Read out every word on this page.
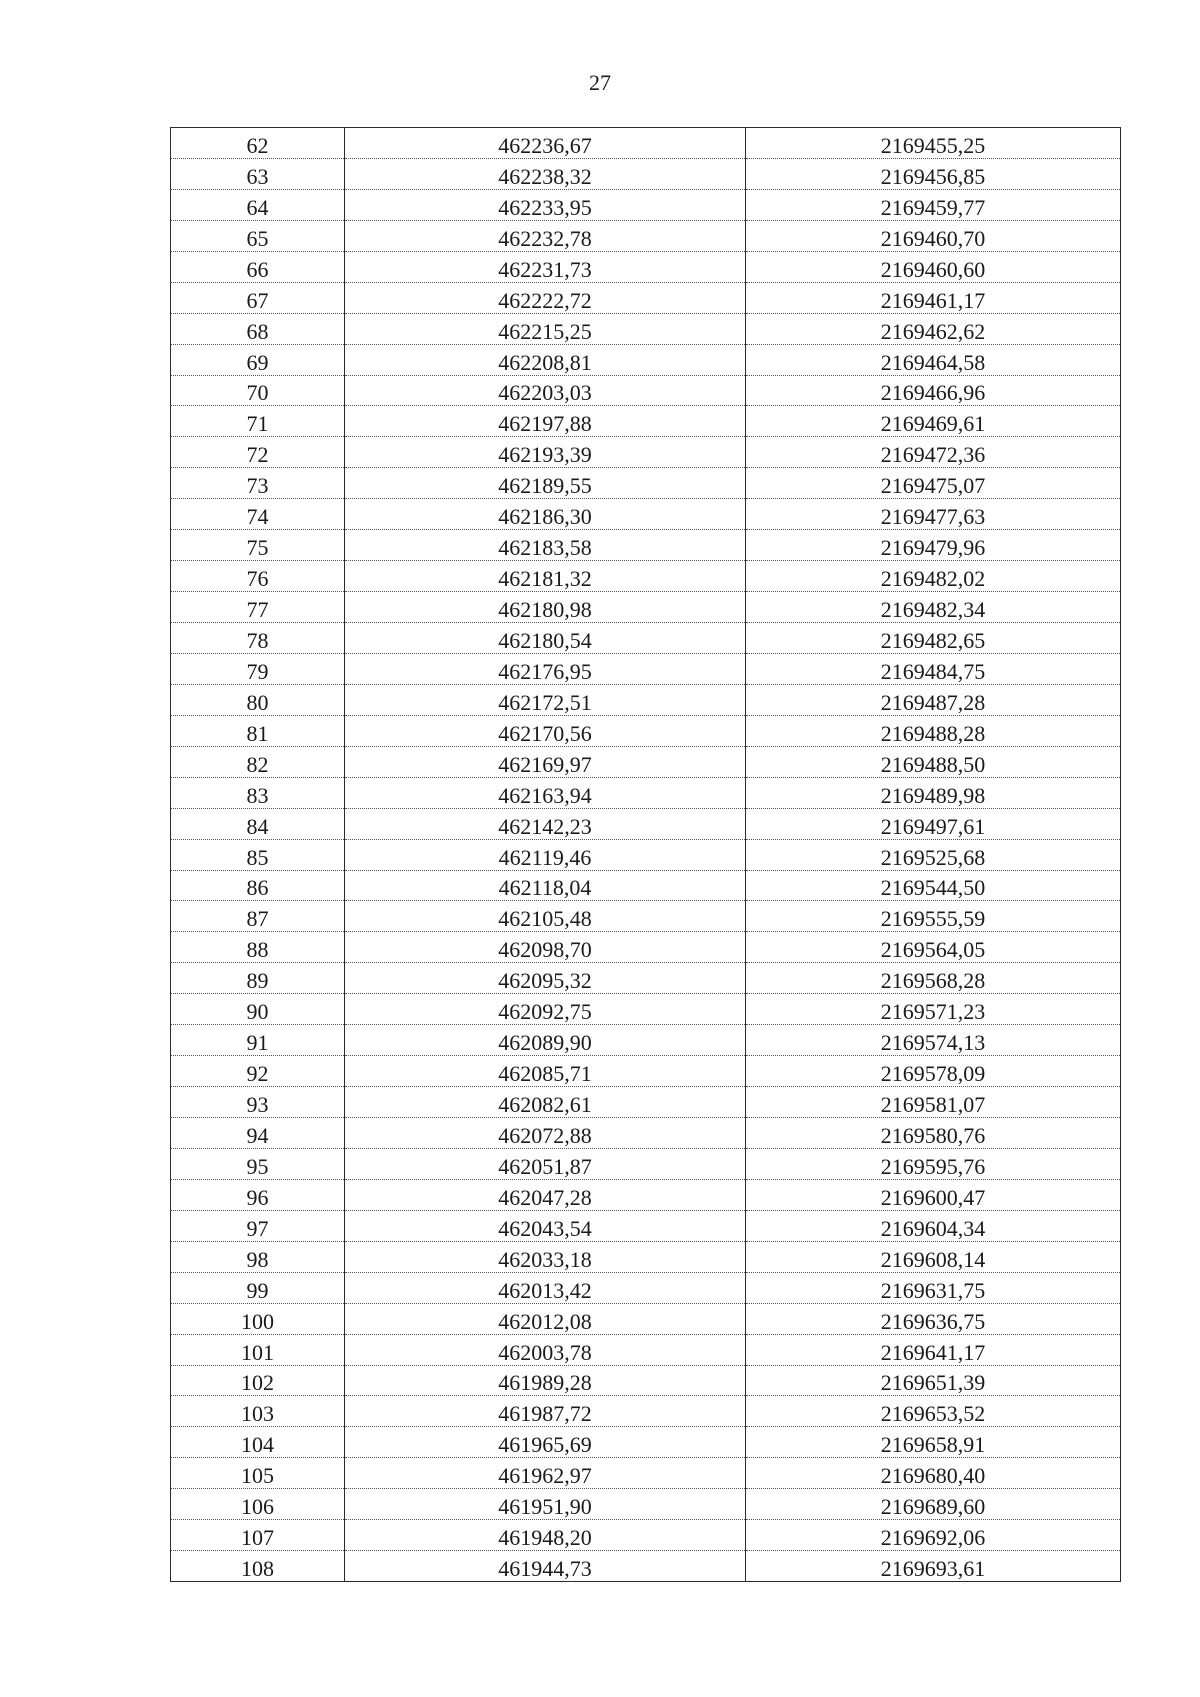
27
62	462236,67	2169455,25
63	462238,32	2169456,85
64	462233,95	2169459,77
65	462232,78	2169460,70
66	462231,73	2169460,60
67	462222,72	2169461,17
68	462215,25	2169462,62
69	462208,81	2169464,58
70	462203,03	2169466,96
71	462197,88	2169469,61
72	462193,39	2169472,36
73	462189,55	2169475,07
74	462186,30	2169477,63
75	462183,58	2169479,96
76	462181,32	2169482,02
77	462180,98	2169482,34
78	462180,54	2169482,65
79	462176,95	2169484,75
80	462172,51	2169487,28
81	462170,56	2169488,28
82	462169,97	2169488,50
83	462163,94	2169489,98
84	462142,23	2169497,61
85	462119,46	2169525,68
86	462118,04	2169544,50
87	462105,48	2169555,59
88	462098,70	2169564,05
89	462095,32	2169568,28
90	462092,75	2169571,23
91	462089,90	2169574,13
92	462085,71	2169578,09
93	462082,61	2169581,07
94	462072,88	2169580,76
95	462051,87	2169595,76
96	462047,28	2169600,47
97	462043,54	2169604,34
98	462033,18	2169608,14
99	462013,42	2169631,75
100	462012,08	2169636,75
101	462003,78	2169641,17
102	461989,28	2169651,39
103	461987,72	2169653,52
104	461965,69	2169658,91
105	461962,97	2169680,40
106	461951,90	2169689,60
107	461948,20	2169692,06
108	461944,73	2169693,61
